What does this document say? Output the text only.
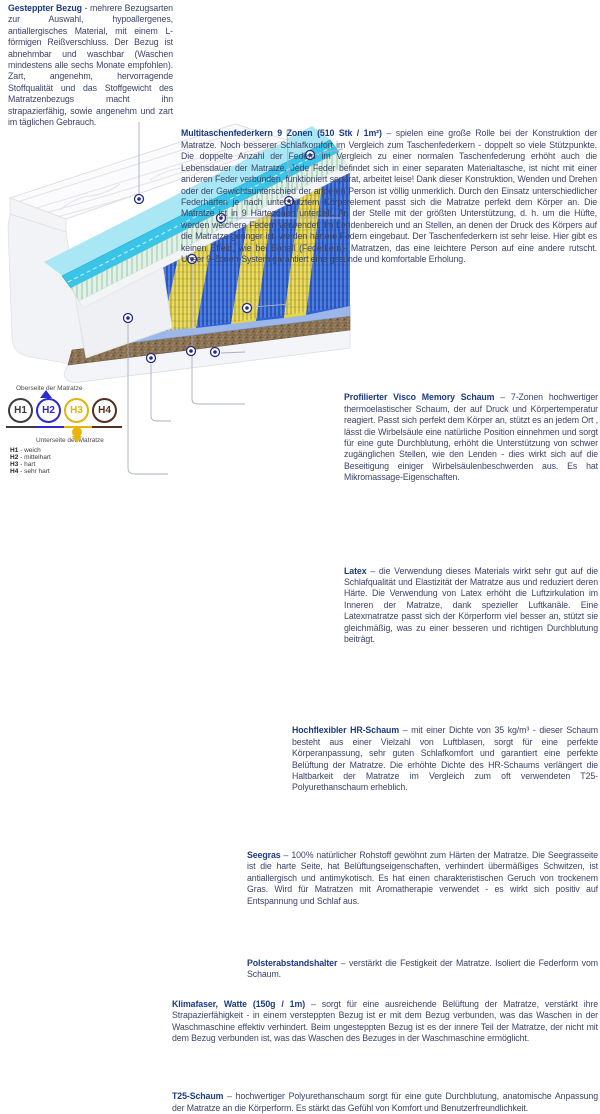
Gesteppter Bezug - mehrere Bezugsarten zur Auswahl, hypoallergenes, antiallergisches Material, mit einem L-förmigen Reißverschluss. Der Bezug ist abnehmbar und waschbar (Waschen mindestens alle sechs Monate empfohlen). Zart, angenehm, hervorragende Stoffqualität und das Stoffgewicht des Matratzenbezugs macht ihn strapazierfähig, sowie angenehm und zart im täglichen Gebrauch.

Multitaschenfederkern 9 Zonen (510 Stk / 1m²) – spielen eine große Rolle bei der Konstruktion der Matratze. Noch besserer Schlafkomfort im Vergleich zum Taschenfederkern - doppelt so viele Stützpunkte. Die doppelte Anzahl der Federn im Vergleich zu einer normalen Taschenfederung erhöht auch die Lebensdauer der Matratze. Jede Feder befindet sich in einer separaten Materialtasche, ist nicht mit einer anderen Feder verbunden, funktioniert separat, arbeitet leise! Dank dieser Konstruktion, Wenden und Drehen oder der Gewichtsunterschied der anderen Person ist völlig unmerklich. Durch den Einsatz unterschiedlicher Federhärten je nach unterstütztem Körperelement passt sich die Matratze perfekt dem Körper an. Die Matratze ist in 9 Härtezonen unterteilt. An der Stelle mit der größten Unterstützung, d. h. um die Hüfte, werden weichere Federn verwendet. Im Lendenbereich und an Stellen, an denen der Druck des Körpers auf die Matratze geringer ist, werden härtere Federn eingebaut. Der Taschenfederkern ist sehr leise. Hier gibt es keinen Effekt, wie bei Bonell (Federkern)- Matratzen, das eine leichtere Person auf eine andere rutscht. Unser 9-Zonen-System garantiert eine gesunde und komfortable Erholung.

Profilierter Visco Memory Schaum – 7-Zonen hochwertiger thermoelastischer Schaum, der auf Druck und Körpertemperatur reagiert. Passt sich perfekt dem Körper an, stützt es an jedem Ort , lässt die Wirbelsäule eine natürliche Position einnehmen und sorgt für eine gute Durchblutung, erhöht die Unterstützung von schwer zugänglichen Stellen, wie den Lenden - dies wirkt sich auf die Beseitigung einiger Wirbelsäulenbeschwerden aus. Es hat Mikromassage-Eigenschaften.

Latex – die Verwendung dieses Materials wirkt sehr gut auf die Schlafqualität und Elastizität der Matratze aus und reduziert deren Härte. Die Verwendung von Latex erhöht die Luftzirkulation im Inneren der Matratze, dank spezieller Luftkanäle. Eine Latexmatratze passt sich der Körperform viel besser an, stützt sie gleichmäßig, was zu einer besseren und richtigen Durchblutung beiträgt.

Hochflexibler HR-Schaum – mit einer Dichte von 35 kg/m³ - dieser Schaum besteht aus einer Vielzahl von Luftblasen, sorgt für eine perfekte Körperanpassung, sehr guten Schlafkomfort und garantiert eine perfekte Belüftung der Matratze. Die erhöhte Dichte des HR-Schaums verlängert die Haltbarkeit der Matratze im Vergleich zum oft verwendeten T25-Polyurethanschaum erheblich.

Seegras – 100% natürlicher Rohstoff gewöhnt zum Härten der Matratze. Die Seegrasseite ist die harte Seite, hat Belüftungseigenschaften, verhindert übermäßiges Schwitzen, ist antiallergisch und antimykotisch. Es hat einen charakteristischen Geruch von trockenem Gras. Wird für Matratzen mit Aromatherapie verwendet - es wirkt sich positiv auf Entspannung und Schlaf aus.

Polsterabstandshalter – verstärkt die Festigkeit der Matratze. Isoliert die Federform vom Schaum.

Klimafaser, Watte (150g / 1m) – sorgt für eine ausreichende Belüftung der Matratze, verstärkt ihre Strapazierfähigkeit - in einem versteppten Bezug ist er mit dem Bezug verbunden, was das Waschen in der Waschmaschine effektiv verhindert. Beim ungesteppten Bezug ist es der innere Teil der Matratze, der nicht mit dem Bezug verbunden ist, was das Waschen des Bezuges in der Waschmaschine ermöglicht.

T25-Schaum – hochwertiger Polyurethanschaum sorgt für eine gute Durchblutung, anatomische Anpassung der Matratze an die Körperform. Es stärkt das Gefühl von Komfort und Benutzerfreundlichkeit.

Oberseite der Matratze
H1	H2	H3	H4
Unterseite der Matratze
H1 - weich
H2 - mittelhart
H3 - hart
H4 - sehr hart
